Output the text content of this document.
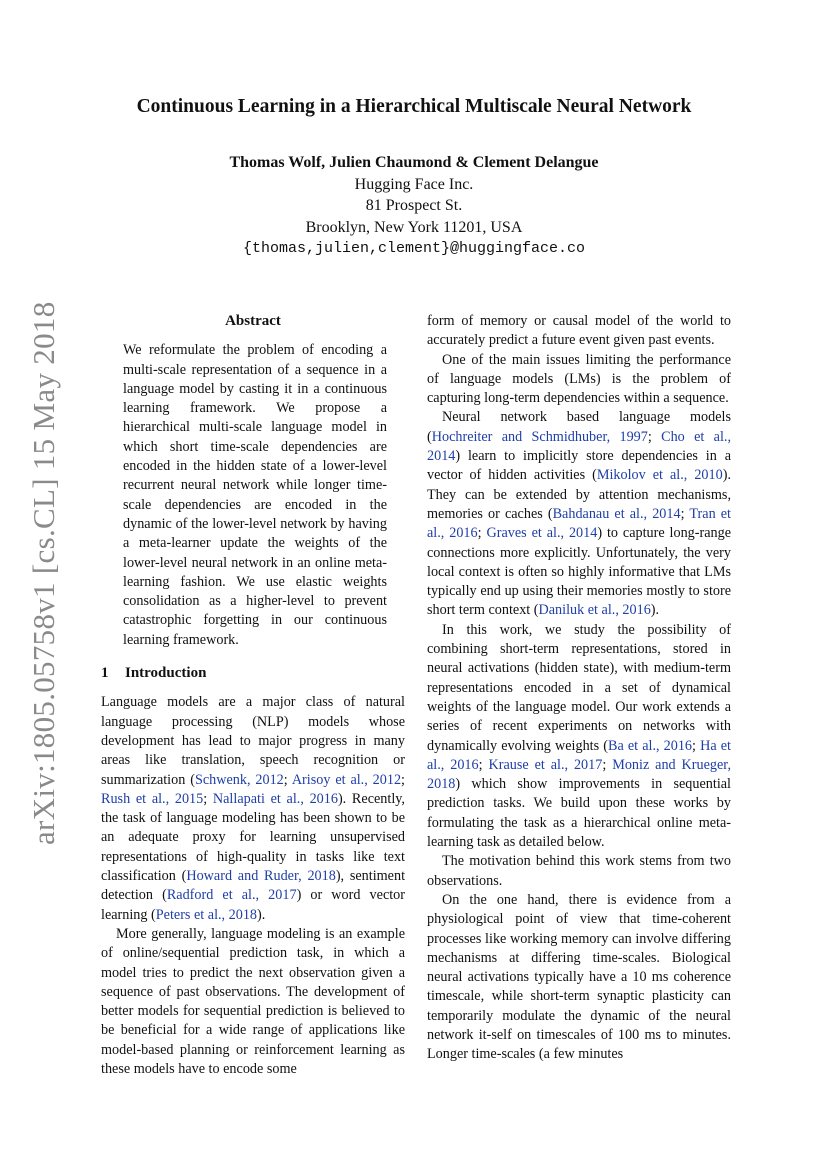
arXiv:1805.05758v1 [cs.CL] 15 May 2018
Continuous Learning in a Hierarchical Multiscale Neural Network
Thomas Wolf, Julien Chaumond & Clement Delangue
Hugging Face Inc.
81 Prospect St.
Brooklyn, New York 11201, USA
{thomas,julien,clement}@huggingface.co
Abstract

We reformulate the problem of encoding a multi-scale representation of a sequence in a language model by casting it in a continuous learning framework. We propose a hierarchical multi-scale language model in which short time-scale dependencies are encoded in the hidden state of a lower-level recurrent neural network while longer time-scale dependencies are encoded in the dynamic of the lower-level network by having a meta-learner update the weights of the lower-level neural network in an online meta-learning fashion. We use elastic weights consolidation as a higher-level to prevent catastrophic forgetting in our continuous learning framework.

1 Introduction

Language models are a major class of natural language processing (NLP) models whose development has lead to major progress in many areas like translation, speech recognition or summarization (Schwenk, 2012; Arisoy et al., 2012; Rush et al., 2015; Nallapati et al., 2016). Recently, the task of language modeling has been shown to be an adequate proxy for learning unsupervised representations of high-quality in tasks like text classification (Howard and Ruder, 2018), sentiment detection (Radford et al., 2017) or word vector learning (Peters et al., 2018).

More generally, language modeling is an example of online/sequential prediction task, in which a model tries to predict the next observation given a sequence of past observations. The development of better models for sequential prediction is believed to be beneficial for a wide range of applications like model-based planning or reinforcement learning as these models have to encode some

form of memory or causal model of the world to accurately predict a future event given past events.

One of the main issues limiting the performance of language models (LMs) is the problem of capturing long-term dependencies within a sequence.

Neural network based language models (Hochreiter and Schmidhuber, 1997; Cho et al., 2014) learn to implicitly store dependencies in a vector of hidden activities (Mikolov et al., 2010). They can be extended by attention mechanisms, memories or caches (Bahdanau et al., 2014; Tran et al., 2016; Graves et al., 2014) to capture long-range connections more explicitly. Unfortunately, the very local context is often so highly informative that LMs typically end up using their memories mostly to store short term context (Daniluk et al., 2016).

In this work, we study the possibility of combining short-term representations, stored in neural activations (hidden state), with medium-term representations encoded in a set of dynamical weights of the language model. Our work extends a series of recent experiments on networks with dynamically evolving weights (Ba et al., 2016; Ha et al., 2016; Krause et al., 2017; Moniz and Krueger, 2018) which show improvements in sequential prediction tasks. We build upon these works by formulating the task as a hierarchical online meta-learning task as detailed below.

The motivation behind this work stems from two observations.

On the one hand, there is evidence from a physiological point of view that time-coherent processes like working memory can involve differing mechanisms at differing time-scales. Biological neural activations typically have a 10 ms coherence timescale, while short-term synaptic plasticity can temporarily modulate the dynamic of the neural network it-self on timescales of 100 ms to minutes. Longer time-scales (a few minutes
